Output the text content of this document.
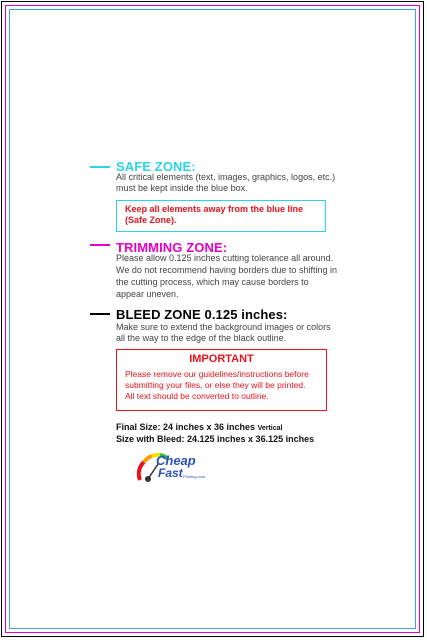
SAFE ZONE:
All critical elements (text, images, graphics, logos, etc.)
must be kept inside the blue box.
Keep all elements away from the blue line
(Safe Zone).
TRIMMING ZONE:
Please allow 0.125 inches cutting tolerance all around.
We do not recommend having borders due to shifting in
the cutting process, which may cause borders to
appear uneven.
BLEED ZONE 0.125 inches:
Make sure to extend the background images or colors
all the way to the edge of the black outline.
IMPORTANT
Please remove our guidelines/instructions before
submitting your files, or else they will be printed.
All text should be converted to outline.
Final Size: 24 inches x 36 inches Vertical
Size with Bleed: 24.125 inches x 36.125 inches
Cheap
Fast Printing.com
